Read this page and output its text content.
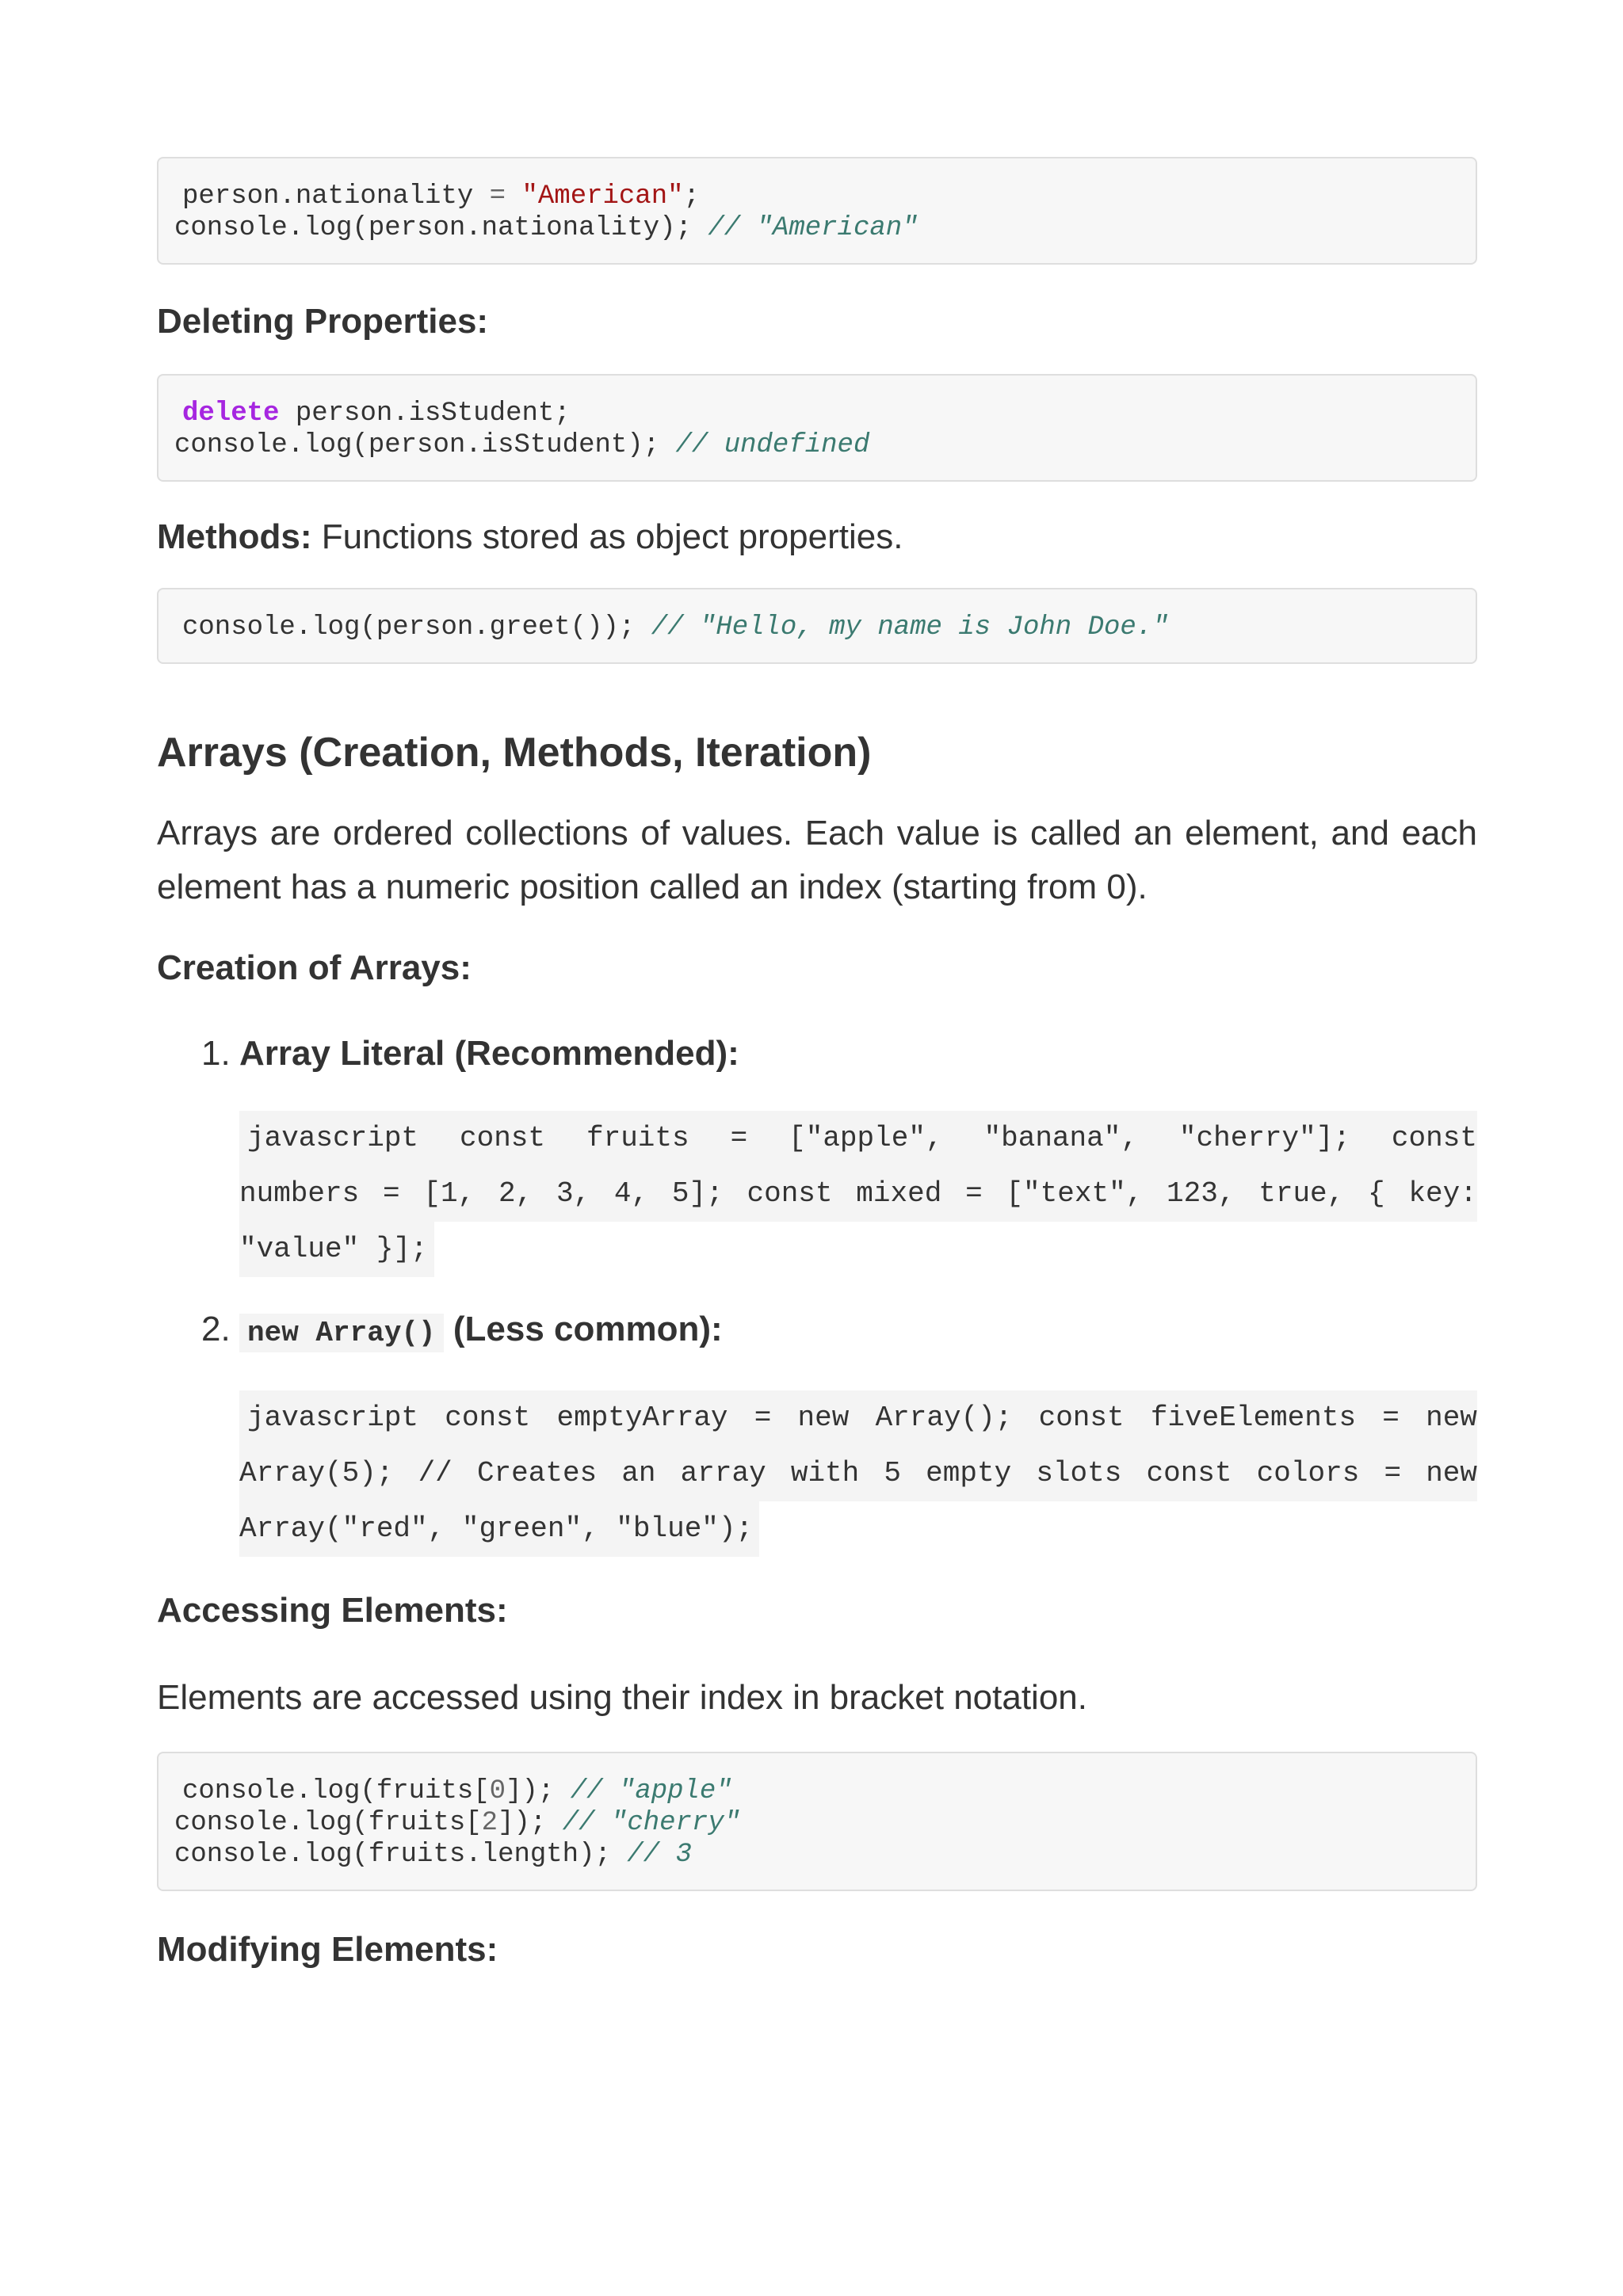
person.nationality = "American";
console.log(person.nationality); // "American"
Deleting Properties:
delete person.isStudent;
console.log(person.isStudent); // undefined

Methods: Functions stored as object properties.

console.log(person.greet()); // "Hello, my name is John Doe."
Arrays (Creation, Methods, Iteration)

Arrays are ordered collections of values. Each value is called an element, and each element has a numeric position called an index (starting from 0).

Creation of Arrays:
1. Array Literal (Recommended):
javascript const fruits = ["apple", "banana", "cherry"]; const
numbers = [1, 2, 3, 4, 5]; const mixed = ["text", 123, true, { key:
"value" }];
2. new Array() (Less common):
javascript const emptyArray = new Array(); const fiveElements = new
Array(5); // Creates an array with 5 empty slots const colors = new
Array("red", "green", "blue");
Accessing Elements:

Elements are accessed using their index in bracket notation.

console.log(fruits[0]); // "apple"
console.log(fruits[2]); // "cherry"
console.log(fruits.length); // 3
Modifying Elements:
